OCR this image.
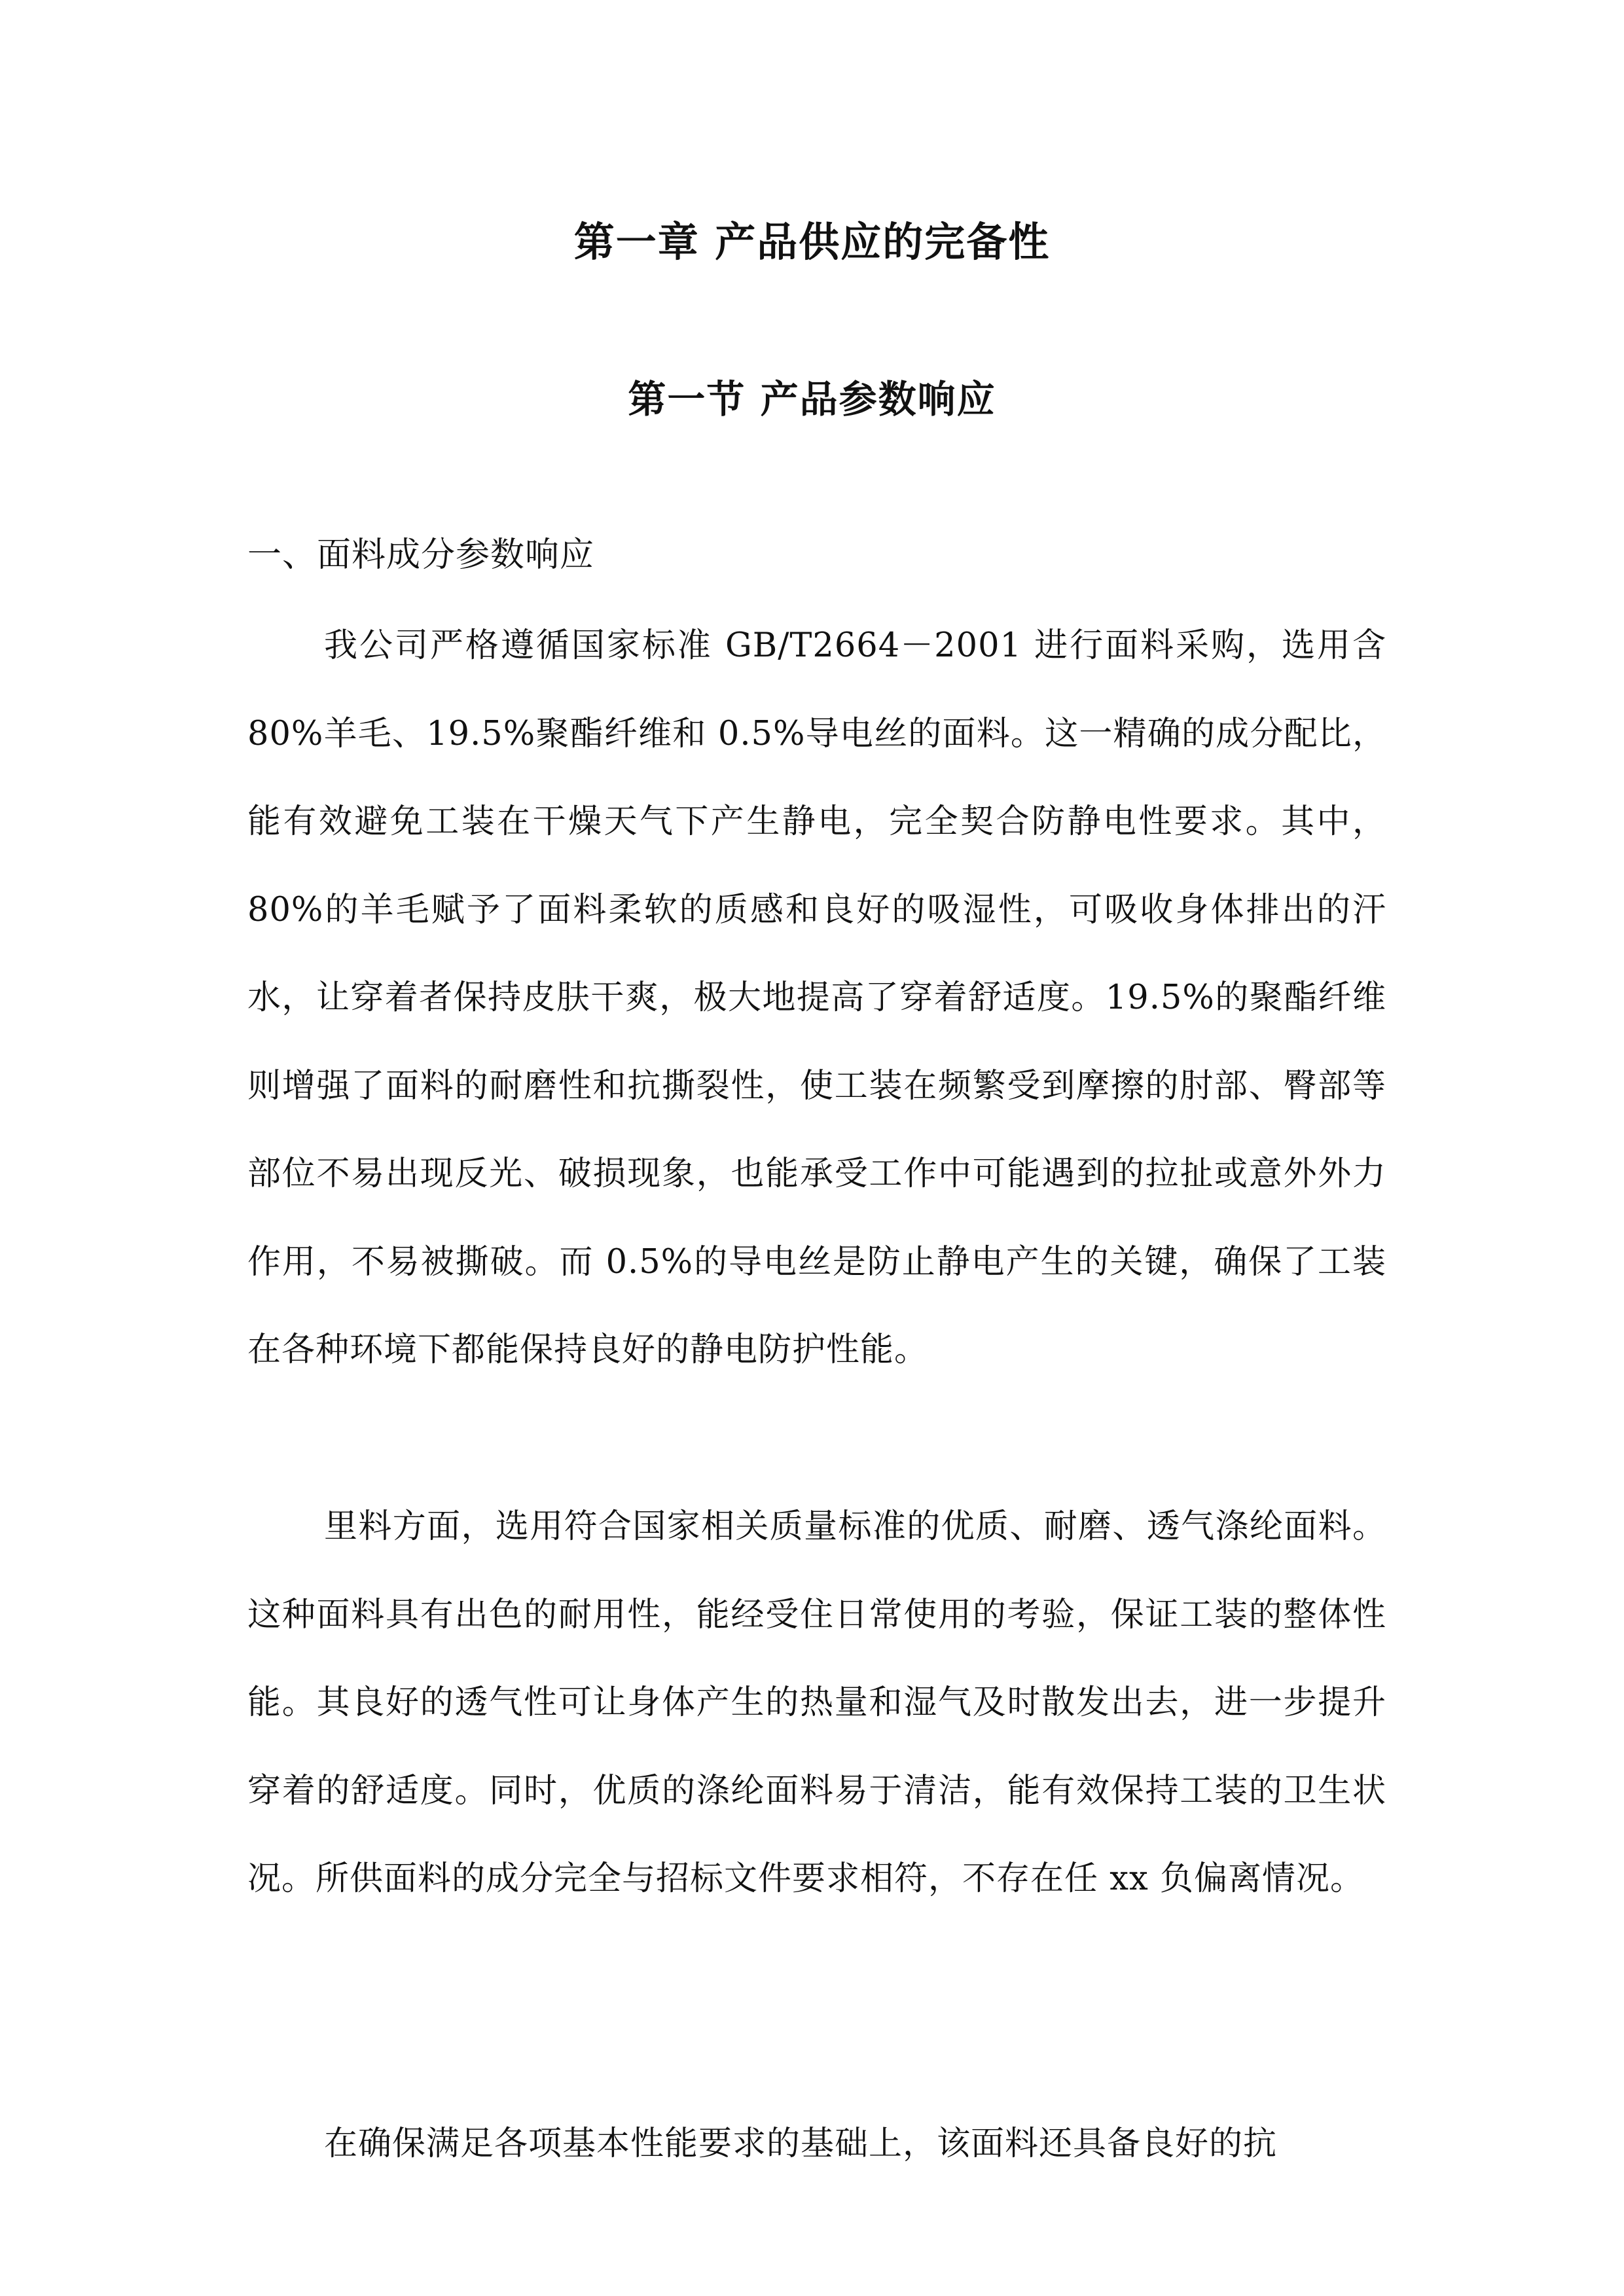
第一章 产品供应的完备性
第一节 产品参数响应
一、面料成分参数响应

我公司严格遵循国家标准 GB/T2664－2001 进行面料采购，选用含 80%羊毛、19.5%聚酯纤维和 0.5%导电丝的面料。这一精确的成分配比，能有效避免工装在干燥天气下产生静电，完全契合防静电性要求。其中，80%的羊毛赋予了面料柔软的质感和良好的吸湿性，可吸收身体排出的汗水，让穿着者保持皮肤干爽，极大地提高了穿着舒适度。19.5%的聚酯纤维则增强了面料的耐磨性和抗撕裂性，使工装在频繁受到摩擦的肘部、臀部等部位不易出现反光、破损现象，也能承受工作中可能遇到的拉扯或意外外力作用，不易被撕破。而 0.5%的导电丝是防止静电产生的关键，确保了工装在各种环境下都能保持良好的静电防护性能。

里料方面，选用符合国家相关质量标准的优质、耐磨、透气涤纶面料。这种面料具有出色的耐用性，能经受住日常使用的考验，保证工装的整体性能。其良好的透气性可让身体产生的热量和湿气及时散发出去，进一步提升穿着的舒适度。同时，优质的涤纶面料易于清洁，能有效保持工装的卫生状况。所供面料的成分完全与招标文件要求相符，不存在任 xx 负偏离情况。

在确保满足各项基本性能要求的基础上，该面料还具备良好的抗
